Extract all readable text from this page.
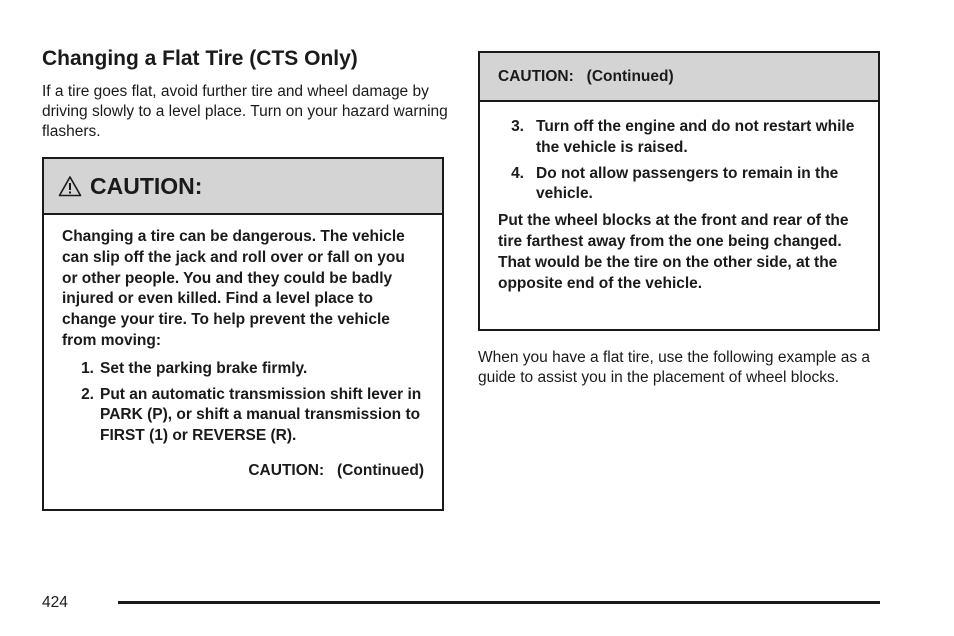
Changing a Flat Tire (CTS Only)

If a tire goes flat, avoid further tire and wheel damage by driving slowly to a level place. Turn on your hazard warning flashers.

CAUTION:

Changing a tire can be dangerous. The vehicle can slip off the jack and roll over or fall on you or other people. You and they could be badly injured or even killed. Find a level place to change your tire. To help prevent the vehicle from moving:

1. Set the parking brake firmly.
2. Put an automatic transmission shift lever in PARK (P), or shift a manual transmission to FIRST (1) or REVERSE (R).
CAUTION:   (Continued)
CAUTION:   (Continued)
3. Turn off the engine and do not restart while the vehicle is raised.
4. Do not allow passengers to remain in the vehicle.

Put the wheel blocks at the front and rear of the tire farthest away from the one being changed. That would be the tire on the other side, at the opposite end of the vehicle.

When you have a flat tire, use the following example as a guide to assist you in the placement of wheel blocks.

424
